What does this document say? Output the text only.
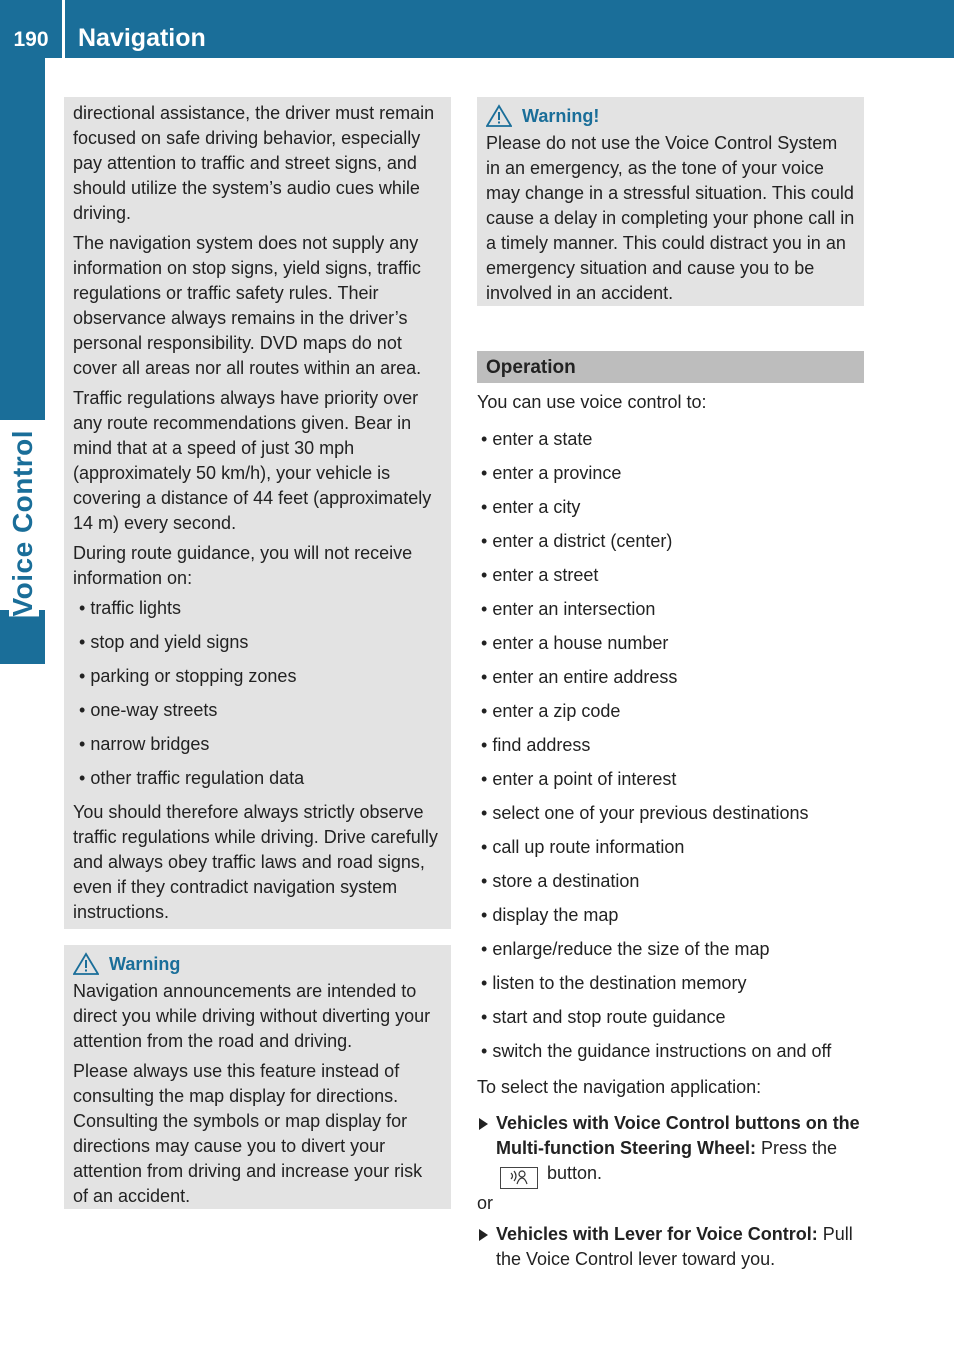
190	Navigation
Voice Control

directional assistance, the driver must remain focused on safe driving behavior, especially pay attention to traffic and street signs, and should utilize the system’s audio cues while driving.

The navigation system does not supply any information on stop signs, yield signs, traffic regulations or traffic safety rules. Their observance always remains in the driver’s personal responsibility. DVD maps do not cover all areas nor all routes within an area.

Traffic regulations always have priority over any route recommendations given. Bear in mind that at a speed of just 30 mph (approximately 50 km/h), your vehicle is covering a distance of 44 feet (approximately 14 m) every second.

During route guidance, you will not receive information on:

• traffic lights
• stop and yield signs
• parking or stopping zones
• one-way streets
• narrow bridges
• other traffic regulation data

You should therefore always strictly observe traffic regulations while driving. Drive carefully and always obey traffic laws and road signs, even if they contradict navigation system instructions.

Warning

Navigation announcements are intended to direct you while driving without diverting your attention from the road and driving.

Please always use this feature instead of consulting the map display for directions. Consulting the symbols or map display for directions may cause you to divert your attention from driving and increase your risk of an accident.

Warning!

Please do not use the Voice Control System in an emergency, as the tone of your voice may change in a stressful situation. This could cause a delay in completing your phone call in a timely manner. This could distract you in an emergency situation and cause you to be involved in an accident.

Operation
You can use voice control to:
• enter a state
• enter a province
• enter a city
• enter a district (center)
• enter a street
• enter an intersection
• enter a house number
• enter an entire address
• enter a zip code
• find address
• enter a point of interest
• select one of your previous destinations
• call up route information
• store a destination
• display the map
• enlarge/reduce the size of the map
• listen to the destination memory
• start and stop route guidance
• switch the guidance instructions on and off
To select the navigation application:
Vehicles with Voice Control buttons on the Multi-function Steering Wheel: Press the  button.
or
Vehicles with Lever for Voice Control: Pull the Voice Control lever toward you.
